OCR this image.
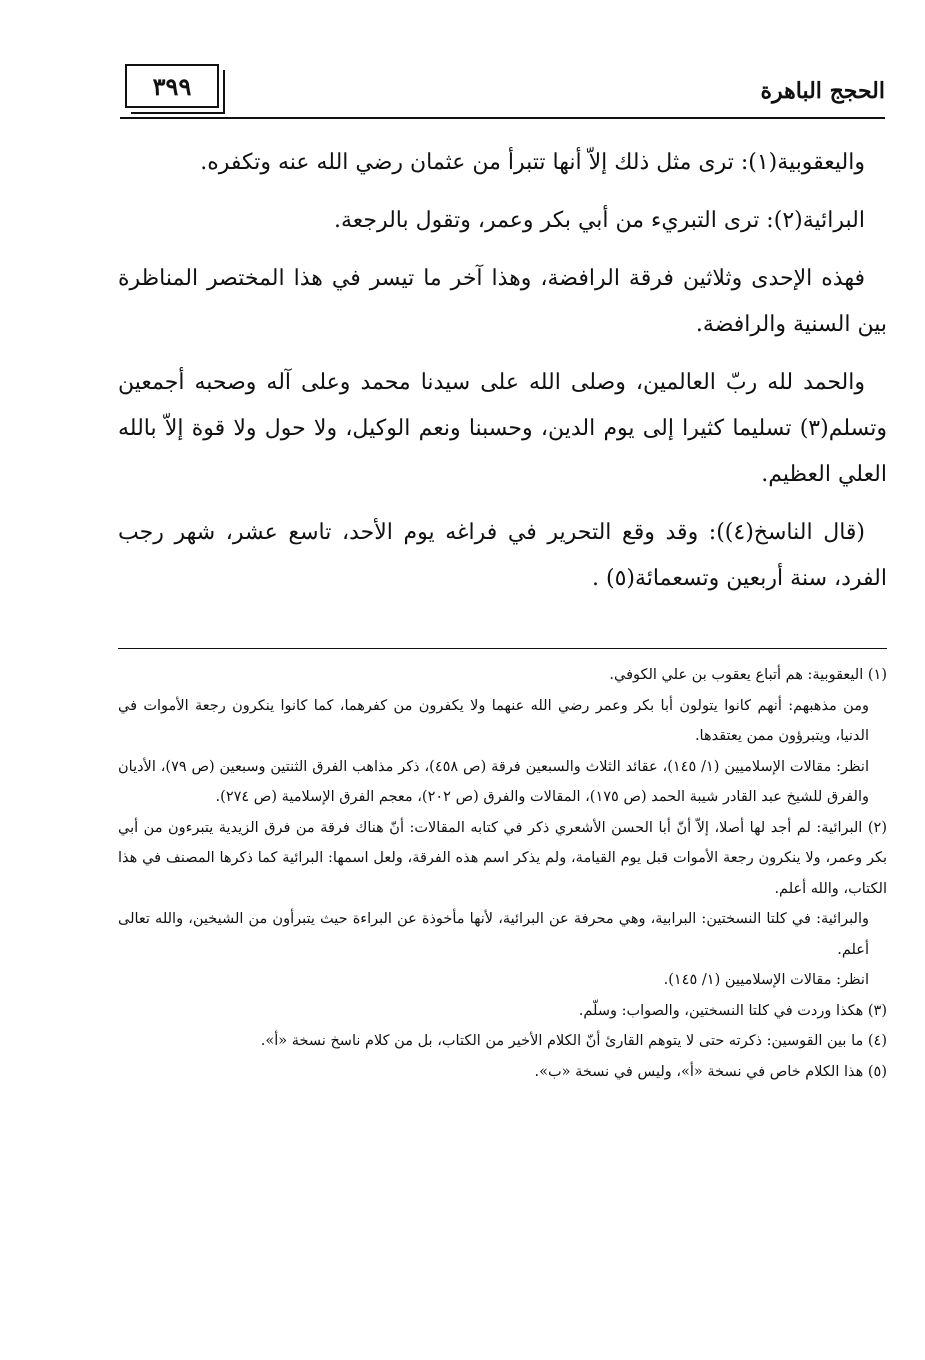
٣٩٩	الحجج الباهرة

واليعقوبية(١): ترى مثل ذلك إلاّ أنها تتبرأ من عثمان رضي الله عنه وتكفره.

البرائية(٢): ترى التبريء من أبي بكر وعمر، وتقول بالرجعة.

فهذه الإحدى وثلاثين فرقة الرافضة، وهذا آخر ما تيسر في هذا المختصر المناظرة بين السنية والرافضة.

والحمد لله ربّ العالمين، وصلى الله على سيدنا محمد وعلى آله وصحبه أجمعين وتسلم(٣) تسليما كثيرا إلى يوم الدين، وحسبنا ونعم الوكيل، ولا حول ولا قوة إلاّ بالله العلي العظيم.

(قال الناسخ(٤)): وقد وقع التحرير في فراغه يوم الأحد، تاسع عشر، شهر رجب الفرد، سنة أربعين وتسعمائة(٥) .

(١) اليعقوبية: هم أتباع يعقوب بن علي الكوفي.

ومن مذهبهم: أنهم كانوا يتولون أبا بكر وعمر رضي الله عنهما ولا يكفرون من كفرهما، كما كانوا ينكرون رجعة الأموات في الدنيا، ويتبرؤون ممن يعتقدها.

انظر: مقالات الإسلاميين (١/ ١٤٥)، عقائد الثلاث والسبعين فرقة (ص ٤٥٨)، ذكر مذاهب الفرق الثنتين وسبعين (ص ٧٩)، الأديان والفرق للشيخ عبد القادر شيبة الحمد (ص ١٧٥)، المقالات والفرق (ص ٢٠٢)، معجم الفرق الإسلامية (ص ٢٧٤).

(٢) البرائية: لم أجد لها أصلا، إلاّ أنّ أبا الحسن الأشعري ذكر في كتابه المقالات: أنّ هناك فرقة من فرق الزيدية يتبرءون من أبي بكر وعمر، ولا ينكرون رجعة الأموات قبل يوم القيامة، ولم يذكر اسم هذه الفرقة، ولعل اسمها: البرائية كما ذكرها المصنف في هذا الكتاب، والله أعلم.

والبرائية: في كلتا النسختين: البرابية، وهي محرفة عن البرائية، لأنها مأخوذة عن البراءة حيث يتبرأون من الشيخين، والله تعالى أعلم.

انظر: مقالات الإسلاميين (١/ ١٤٥).

(٣) هكذا وردت في كلتا النسختين، والصواب: وسلّم.

(٤) ما بين القوسين: ذكرته حتى لا يتوهم القارئ أنّ الكلام الأخير من الكتاب، بل من كلام ناسخ نسخة «أ».

(٥) هذا الكلام خاص في نسخة «أ»، وليس في نسخة «ب».
